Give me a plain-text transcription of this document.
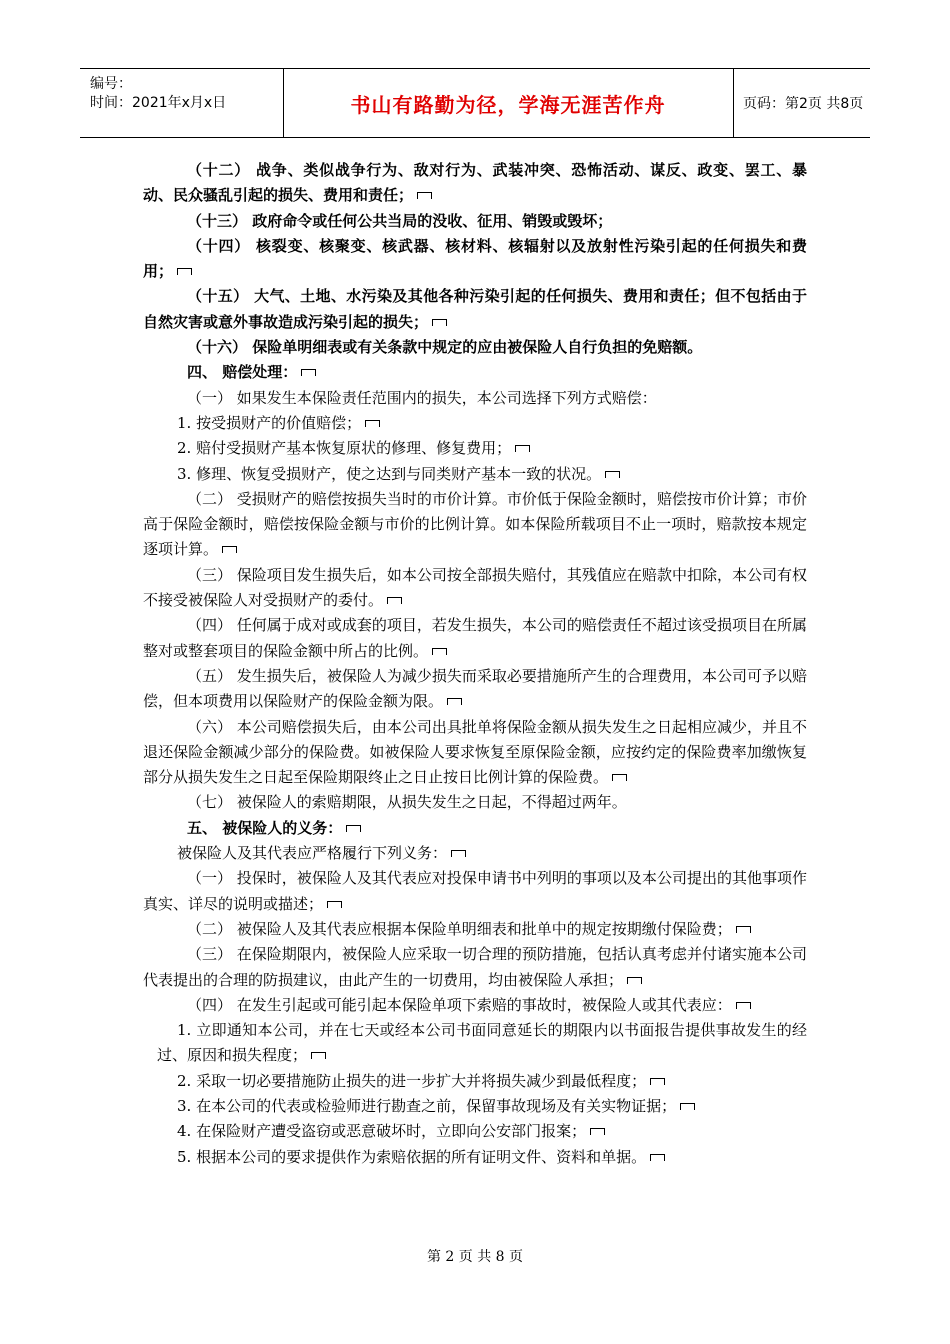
编号：
时间：2021年x月x日	书山有路勤为径，学海无涯苦作舟	页码：第2页 共8页

（十二） 战争、类似战争行为、敌对行为、武装冲突、恐怖活动、谋反、政变、罢工、暴动、民众骚乱引起的损失、费用和责任；

（十三） 政府命令或任何公共当局的没收、征用、销毁或毁坏；

（十四） 核裂变、核聚变、核武器、核材料、核辐射以及放射性污染引起的任何损失和费用；

（十五） 大气、土地、水污染及其他各种污染引起的任何损失、费用和责任；但不包括由于自然灾害或意外事故造成污染引起的损失；

（十六） 保险单明细表或有关条款中规定的应由被保险人自行负担的免赔额。

四、 赔偿处理：

（一） 如果发生本保险责任范围内的损失，本公司选择下列方式赔偿：

1. 按受损财产的价值赔偿；

2. 赔付受损财产基本恢复原状的修理、修复费用；

3. 修理、恢复受损财产，使之达到与同类财产基本一致的状况。

（二） 受损财产的赔偿按损失当时的市价计算。市价低于保险金额时，赔偿按市价计算；市价高于保险金额时，赔偿按保险金额与市价的比例计算。如本保险所载项目不止一项时，赔款按本规定逐项计算。

（三） 保险项目发生损失后，如本公司按全部损失赔付，其残值应在赔款中扣除，本公司有权不接受被保险人对受损财产的委付。

（四） 任何属于成对或成套的项目，若发生损失，本公司的赔偿责任不超过该受损项目在所属整对或整套项目的保险金额中所占的比例。

（五） 发生损失后，被保险人为减少损失而采取必要措施所产生的合理费用，本公司可予以赔偿，但本项费用以保险财产的保险金额为限。

（六） 本公司赔偿损失后，由本公司出具批单将保险金额从损失发生之日起相应减少，并且不退还保险金额减少部分的保险费。如被保险人要求恢复至原保险金额，应按约定的保险费率加缴恢复部分从损失发生之日起至保险期限终止之日止按日比例计算的保险费。

（七） 被保险人的索赔期限，从损失发生之日起，不得超过两年。

五、 被保险人的义务：

被保险人及其代表应严格履行下列义务：

（一） 投保时，被保险人及其代表应对投保申请书中列明的事项以及本公司提出的其他事项作真实、详尽的说明或描述；

（二） 被保险人及其代表应根据本保险单明细表和批单中的规定按期缴付保险费；

（三） 在保险期限内，被保险人应采取一切合理的预防措施，包括认真考虑并付诸实施本公司代表提出的合理的防损建议，由此产生的一切费用，均由被保险人承担；

（四） 在发生引起或可能引起本保险单项下索赔的事故时，被保险人或其代表应：

1. 立即通知本公司，并在七天或经本公司书面同意延长的期限内以书面报告提供事故发生的经过、原因和损失程度；

2. 采取一切必要措施防止损失的进一步扩大并将损失减少到最低程度；

3. 在本公司的代表或检验师进行勘查之前，保留事故现场及有关实物证据；

4. 在保险财产遭受盗窃或恶意破坏时，立即向公安部门报案；

5. 根据本公司的要求提供作为索赔依据的所有证明文件、资料和单据。

第 2 页 共 8 页
